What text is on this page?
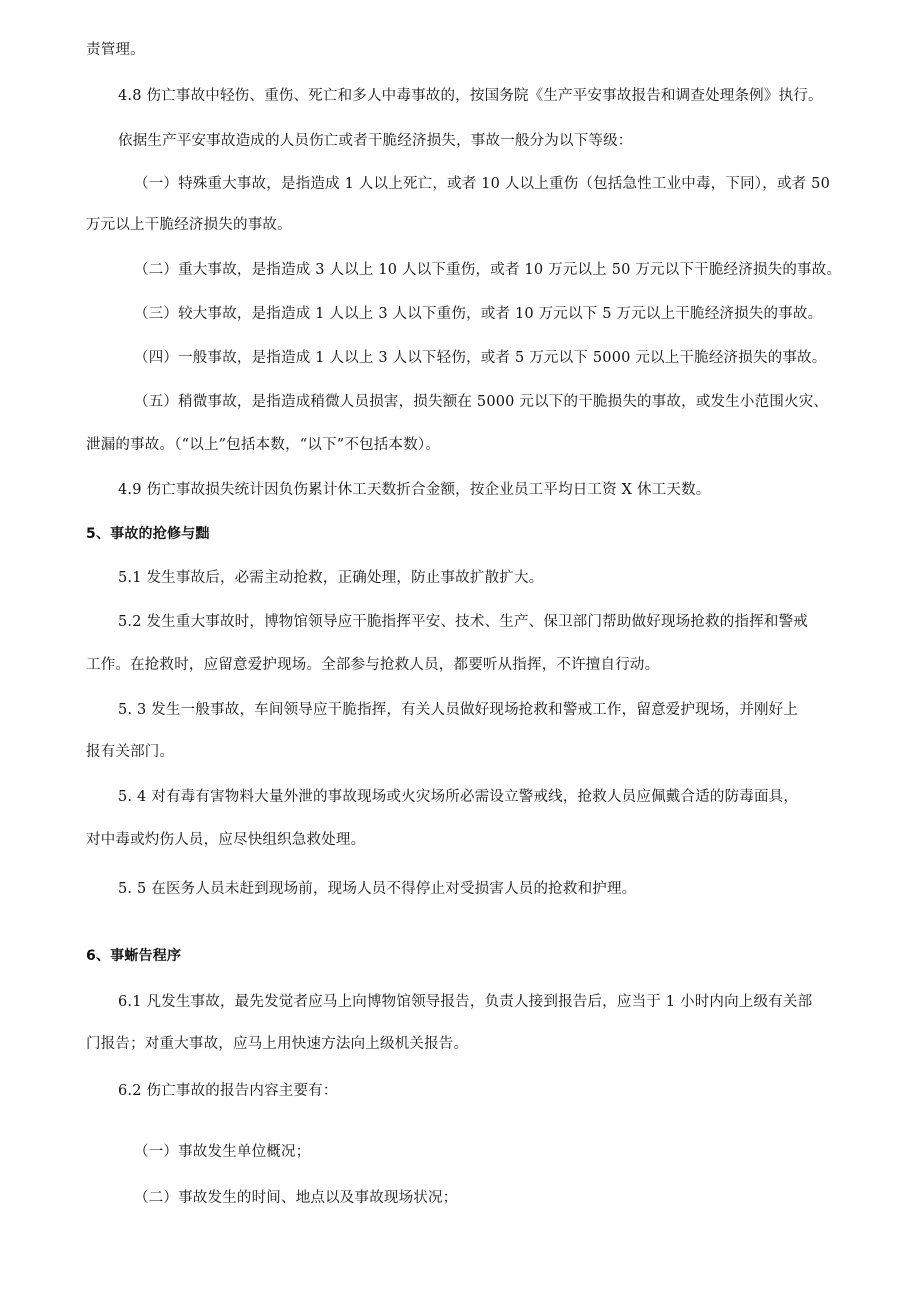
责管理。
4.8 伤亡事故中轻伤、重伤、死亡和多人中毒事故的，按国务院《生产平安事故报告和调查处理条例》执行。
依据生产平安事故造成的人员伤亡或者干脆经济损失，事故一般分为以下等级：
（一）特殊重大事故，是指造成 1 人以上死亡，或者 10 人以上重伤（包括急性工业中毒，下同），或者 50
万元以上干脆经济损失的事故。
（二）重大事故，是指造成 3 人以上 10 人以下重伤，或者 10 万元以上 50 万元以下干脆经济损失的事故。
（三）较大事故，是指造成 1 人以上 3 人以下重伤，或者 10 万元以下 5 万元以上干脆经济损失的事故。
（四）一般事故，是指造成 1 人以上 3 人以下轻伤，或者 5 万元以下 5000 元以上干脆经济损失的事故。
（五）稍微事故，是指造成稍微人员损害，损失额在 5000 元以下的干脆损失的事故，或发生小范围火灾、
泄漏的事故。（“以上”包括本数，“以下”不包括本数）。
4.9 伤亡事故损失统计因负伤累计休工天数折合金额，按企业员工平均日工资 X 休工天数。
5、事故的抢修与黜
5.1 发生事故后，必需主动抢救，正确处理，防止事故扩散扩大。
5.2 发生重大事故时，博物馆领导应干脆指挥平安、技术、生产、保卫部门帮助做好现场抢救的指挥和警戒
工作。在抢救时，应留意爱护现场。全部参与抢救人员，都要听从指挥，不许擅自行动。
5. 3 发生一般事故，车间领导应干脆指挥，有关人员做好现场抢救和警戒工作，留意爱护现场，并刚好上
报有关部门。
5. 4 对有毒有害物料大量外泄的事故现场或火灾场所必需设立警戒线，抢救人员应佩戴合适的防毒面具，
对中毒或灼伤人员，应尽快组织急救处理。
5. 5 在医务人员未赶到现场前，现场人员不得停止对受损害人员的抢救和护理。
6、事蜥告程序
6.1 凡发生事故，最先发觉者应马上向博物馆领导报告，负责人接到报告后，应当于 1 小时内向上级有关部
门报告；对重大事故，应马上用快速方法向上级机关报告。
6.2 伤亡事故的报告内容主要有：
（一）事故发生单位概况；
（二）事故发生的时间、地点以及事故现场状况；
